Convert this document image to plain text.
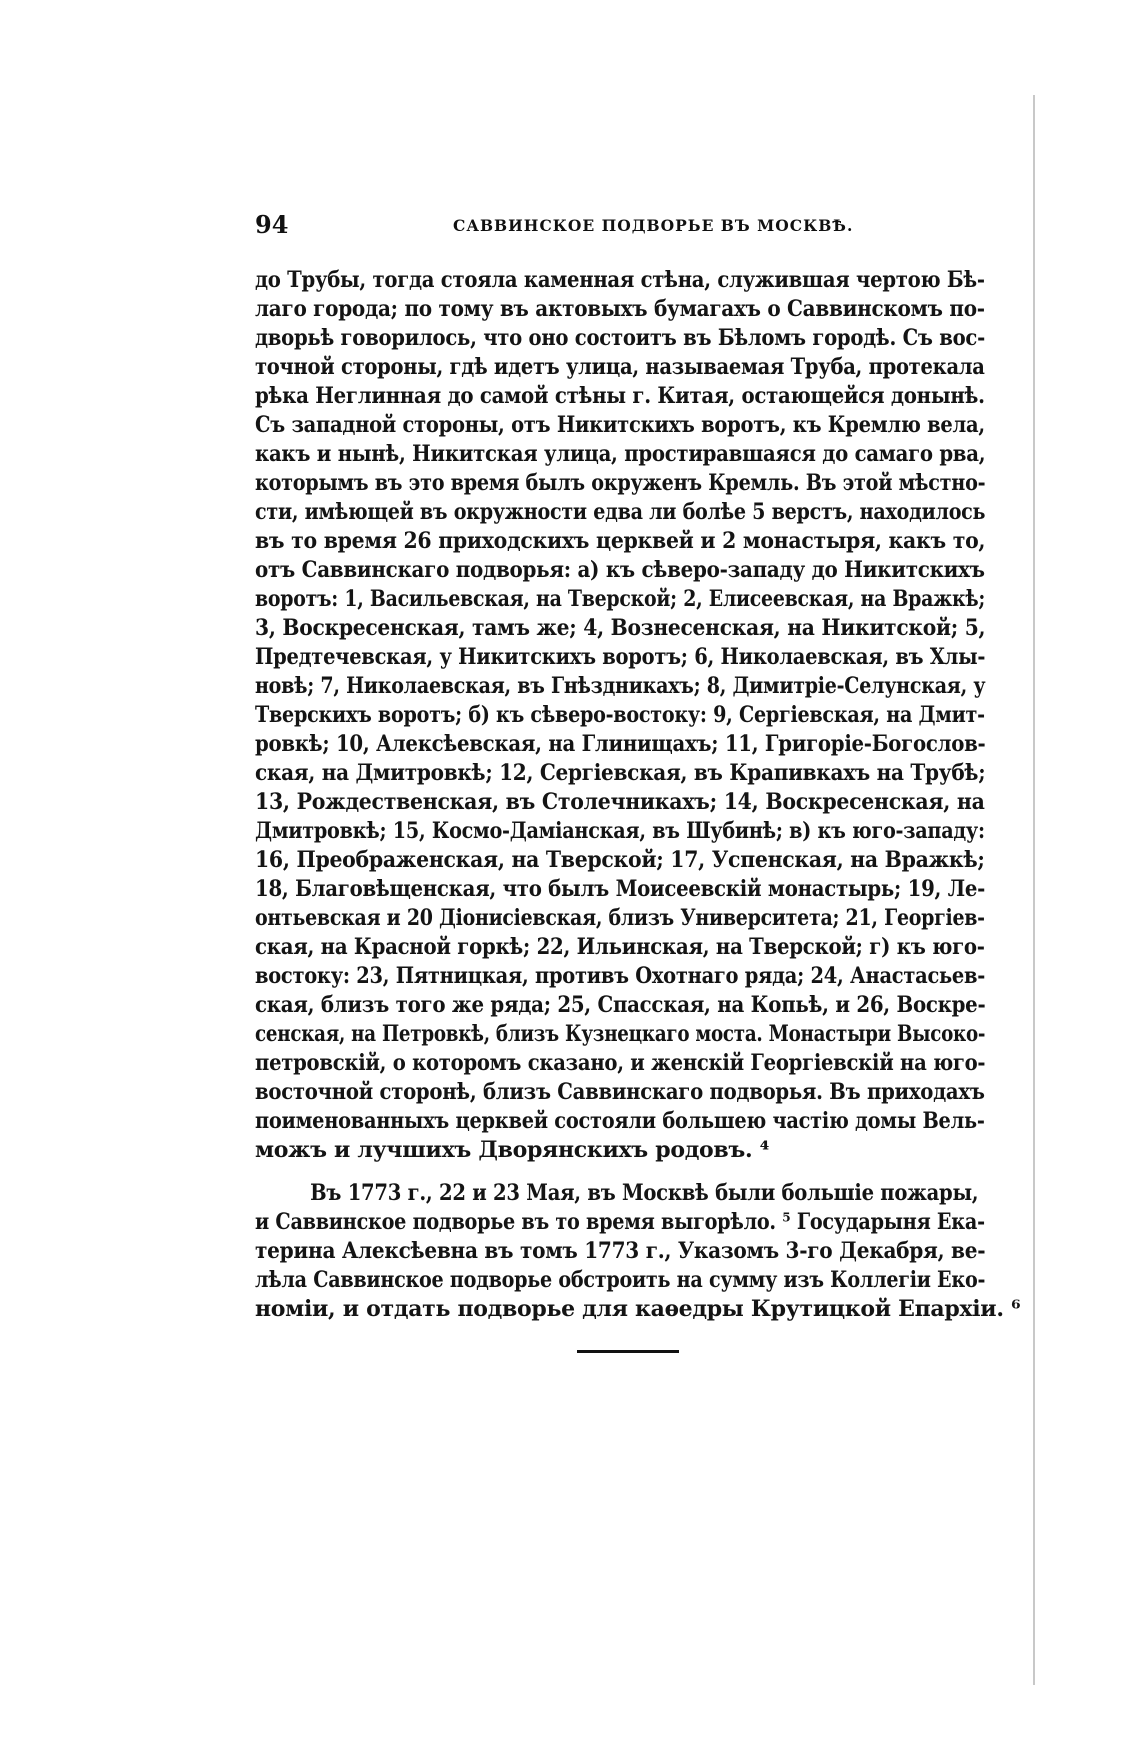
94	САВВИНСКОЕ ПОДВОРЬЕ ВЪ МОСКВѢ.
до Трубы, тогда стояла каменная стѣна, служившая чертою Бѣ-
лаго города; по тому въ актовыхъ бумагахъ о Саввинскомъ по-
дворьѣ говорилось, что оно состоитъ въ Бѣломъ городѣ. Съ вос-
точной стороны, гдѣ идетъ улица, называемая Труба, протекала
рѣка Неглинная до самой стѣны г. Китая, остающейся донынѣ.
Съ западной стороны, отъ Никитскихъ воротъ, къ Кремлю вела,
какъ и нынѣ, Никитская улица, простиравшаяся до самаго рва,
которымъ въ это время былъ окруженъ Кремль. Въ этой мѣстно-
сти, имѣющей въ окружности едва ли болѣе 5 верстъ, находилось
въ то время 26 приходскихъ церквей и 2 монастыря, какъ то,
отъ Саввинскаго подворья: а) къ сѣверо-западу до Никитскихъ
воротъ: 1, Васильевская, на Тверской; 2, Елисеевская, на Вражкѣ;
3, Воскресенская, тамъ же; 4, Вознесенская, на Никитской; 5,
Предтечевская, у Никитскихъ воротъ; 6, Николаевская, въ Хлы-
новѣ; 7, Николаевская, въ Гнѣздникахъ; 8, Димитріе-Селунская, у
Тверскихъ воротъ; б) къ сѣверо-востоку: 9, Сергіевская, на Дмит-
ровкѣ; 10, Алексѣевская, на Глинищахъ; 11, Григоріе-Богослов-
ская, на Дмитровкѣ; 12, Сергіевская, въ Крапивкахъ на Трубѣ;
13, Рождественская, въ Столечникахъ; 14, Воскресенская, на
Дмитровкѣ; 15, Космо-Даміанская, въ Шубинѣ; в) къ юго-западу:
16, Преображенская, на Тверской; 17, Успенская, на Вражкѣ;
18, Благовѣщенская, что былъ Моисеевскій монастырь; 19, Ле-
онтьевская и 20 Діонисіевская, близъ Университета; 21, Георгіев-
ская, на Красной горкѣ; 22, Ильинская, на Тверской; г) къ юго-
востоку: 23, Пятницкая, противъ Охотнаго ряда; 24, Анастасьев-
ская, близъ того же ряда; 25, Спасская, на Копьѣ, и 26, Воскре-
сенская, на Петровкѣ, близъ Кузнецкаго моста. Монастыри Высоко-
петровскій, о которомъ сказано, и женскій Георгіевскій на юго-
восточной сторонѣ, близъ Саввинскаго подворья. Въ приходахъ
поименованныхъ церквей состояли большею частію домы Вель-
можъ и лучшихъ Дворянскихъ родовъ. ⁴
Въ 1773 г., 22 и 23 Мая, въ Москвѣ были большіе пожары,
и Саввинское подворье въ то время выгорѣло. ⁵ Государыня Ека-
терина Алексѣевна въ томъ 1773 г., Указомъ 3-го Декабря, ве-
лѣла Саввинское подворье обстроить на сумму изъ Коллегіи Еко-
номіи, и отдать подворье для каѳедры Крутицкой Епархіи. ⁶
